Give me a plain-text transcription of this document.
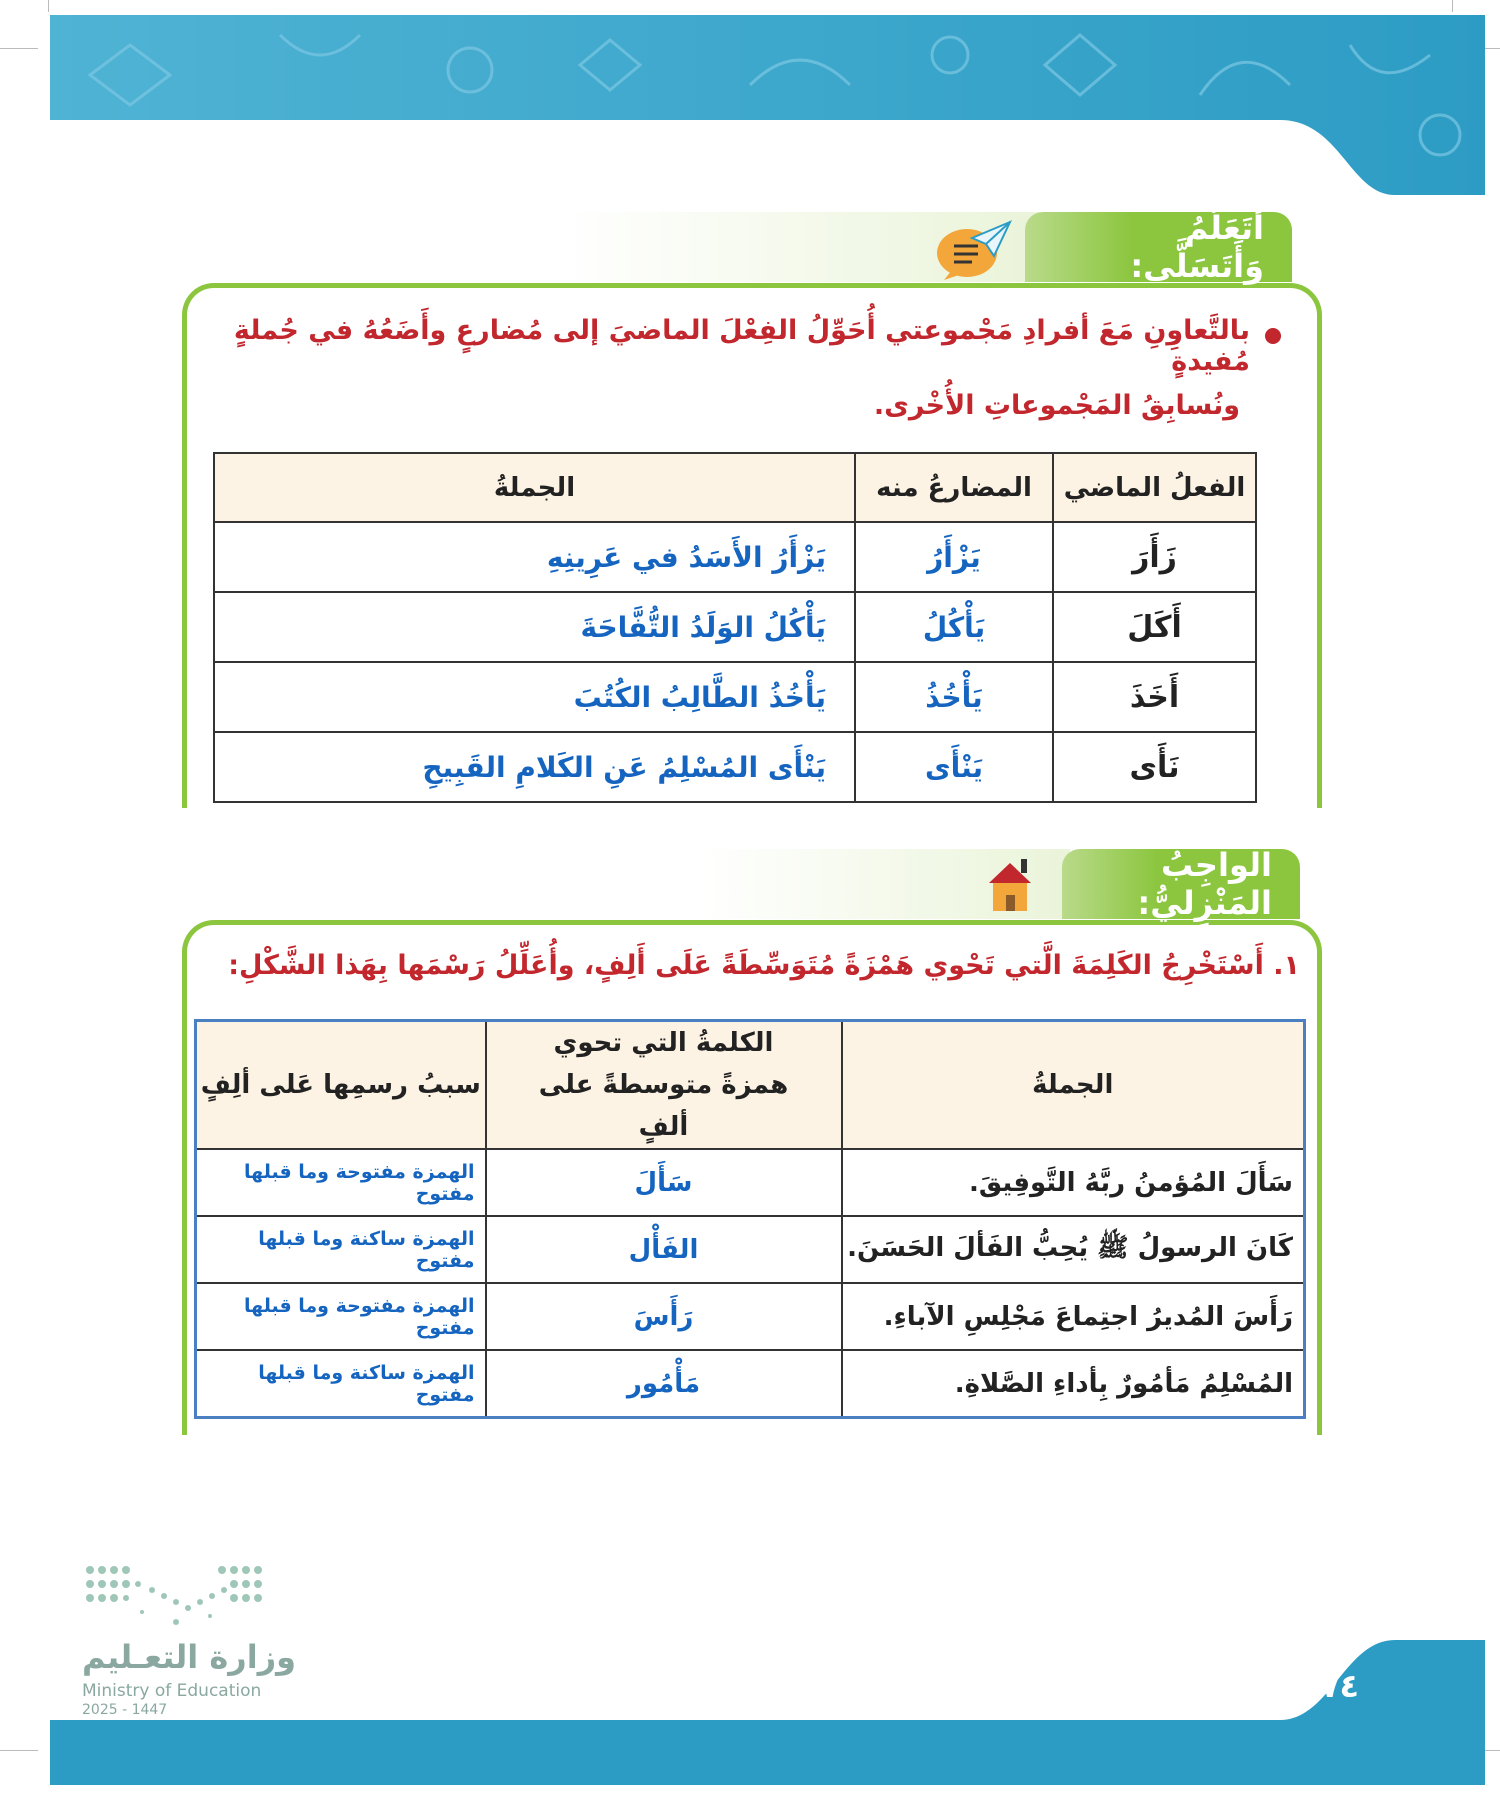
أَتَعَلَّمُ وَأَتَسَلَّى:
بالتَّعاوِنِ مَعَ أفرادِ مَجْموعتي أُحَوِّلُ الفِعْلَ الماضيَ إلى مُضارعٍ وأَضَعُهُ في جُملةٍ مُفيدةٍ
ونُسابِقُ المَجْموعاتِ الأُخْرى.
الفعلُ الماضي	المضارعُ منه	الجملةُ
زَأَرَ	يَزْأَرُ	يَزْأَرُ الأَسَدُ في عَرِينِهِ
أَكَلَ	يَأْكُلُ	يَأْكُلُ الوَلَدُ التُّفَّاحَةَ
أَخَذَ	يَأْخُذُ	يَأْخُذُ الطَّالِبُ الكُتُبَ
نَأَى	يَنْأَى	يَنْأَى المُسْلِمُ عَنِ الكَلامِ القَبِيحِ
الواجِبُ المَنْزِليُّ:
١. أَسْتَخْرِجُ الكَلِمَةَ الَّتي تَحْوي هَمْزَةً مُتَوَسِّطَةً عَلَى أَلِفٍ، وأُعَلِّلُ رَسْمَها بِهَذا الشَّكْلِ:
الجملةُ	الكلمةُ التي تحوي همزةً متوسطةً على ألفٍ	سببُ رسمِها عَلى ألِفٍ
سَأَلَ المُؤمنُ ربَّهُ التَّوفِيقَ.	سَأَلَ	الهمزة مفتوحة وما قبلها مفتوح
كَانَ الرسولُ ﷺ يُحِبُّ الفَألَ الحَسَنَ.	الفَأْل	الهمزة ساكنة وما قبلها مفتوح
رَأَسَ المُديرُ اجتِماعَ مَجْلِسِ الآباءِ.	رَأَسَ	الهمزة مفتوحة وما قبلها مفتوح
المُسْلِمُ مَأمُورٌ بِأداءِ الصَّلاةِ.	مَأْمُور	الهمزة ساكنة وما قبلها مفتوح
٧٤
وزارة التعـليم
Ministry of Education
2025 - 1447
